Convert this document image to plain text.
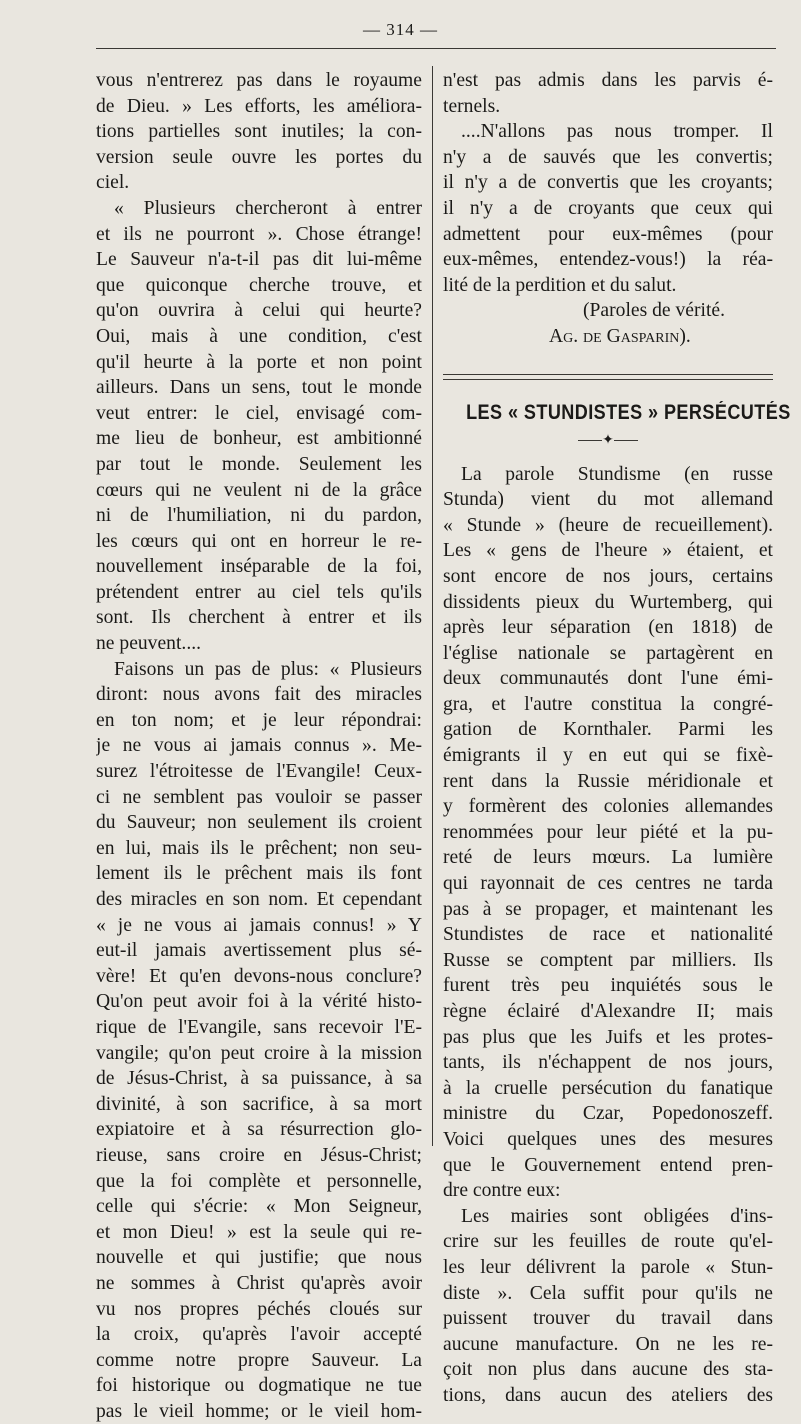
— 314 —
vous n'entrerez pas dans le royaume
de Dieu. » Les efforts, les améliora-
tions partielles sont inutiles; la con-
version seule ouvre les portes du
ciel.
« Plusieurs chercheront à entrer
et ils ne pourront ». Chose étrange!
Le Sauveur n'a-t-il pas dit lui-même
que quiconque cherche trouve, et
qu'on ouvrira à celui qui heurte?
Oui, mais à une condition, c'est
qu'il heurte à la porte et non point
ailleurs. Dans un sens, tout le monde
veut entrer: le ciel, envisagé com-
me lieu de bonheur, est ambitionné
par tout le monde. Seulement les
cœurs qui ne veulent ni de la grâce
ni de l'humiliation, ni du pardon,
les cœurs qui ont en horreur le re-
nouvellement inséparable de la foi,
prétendent entrer au ciel tels qu'ils
sont. Ils cherchent à entrer et ils
ne peuvent....
Faisons un pas de plus: « Plusieurs
diront: nous avons fait des miracles
en ton nom; et je leur répondrai:
je ne vous ai jamais connus ». Me-
surez l'étroitesse de l'Evangile! Ceux-
ci ne semblent pas vouloir se passer
du Sauveur; non seulement ils croient
en lui, mais ils le prêchent; non seu-
lement ils le prêchent mais ils font
des miracles en son nom. Et cependant
« je ne vous ai jamais connus! » Y
eut-il jamais avertissement plus sé-
vère! Et qu'en devons-nous conclure?
Qu'on peut avoir foi à la vérité histo-
rique de l'Evangile, sans recevoir l'E-
vangile; qu'on peut croire à la mission
de Jésus-Christ, à sa puissance, à sa
divinité, à son sacrifice, à sa mort
expiatoire et à sa résurrection glo-
rieuse, sans croire en Jésus-Christ;
que la foi complète et personnelle,
celle qui s'écrie: « Mon Seigneur,
et mon Dieu! » est la seule qui re-
nouvelle et qui justifie; que nous
ne sommes à Christ qu'après avoir
vu nos propres péchés cloués sur
la croix, qu'après l'avoir accepté
comme notre propre Sauveur. La
foi historique ou dogmatique ne tue
pas le vieil homme; or le vieil hom-
n'est pas admis dans les parvis é-
ternels.
....N'allons pas nous tromper. Il
n'y a de sauvés que les convertis;
il n'y a de convertis que les croyants;
il n'y a de croyants que ceux qui
admettent pour eux-mêmes (pour
eux-mêmes, entendez-vous!) la réa-
lité de la perdition et du salut.
(Paroles de vérité.
Ag. de Gasparin).
LES « STUNDISTES » PERSÉCUTÉS
✦
La parole Stundisme (en russe
Stunda) vient du mot allemand
« Stunde » (heure de recueillement).
Les « gens de l'heure » étaient, et
sont encore de nos jours, certains
dissidents pieux du Wurtemberg, qui
après leur séparation (en 1818) de
l'église nationale se partagèrent en
deux communautés dont l'une émi-
gra, et l'autre constitua la congré-
gation de Kornthaler. Parmi les
émigrants il y en eut qui se fixè-
rent dans la Russie méridionale et
y formèrent des colonies allemandes
renommées pour leur piété et la pu-
reté de leurs mœurs. La lumière
qui rayonnait de ces centres ne tarda
pas à se propager, et maintenant les
Stundistes de race et nationalité
Russe se comptent par milliers. Ils
furent très peu inquiétés sous le
règne éclairé d'Alexandre II; mais
pas plus que les Juifs et les protes-
tants, ils n'échappent de nos jours,
à la cruelle persécution du fanatique
ministre du Czar, Popedonoszeff.
Voici quelques unes des mesures
que le Gouvernement entend pren-
dre contre eux:
Les mairies sont obligées d'ins-
crire sur les feuilles de route qu'el-
les leur délivrent la parole « Stun-
diste ». Cela suffit pour qu'ils ne
puissent trouver du travail dans
aucune manufacture. On ne les re-
çoit non plus dans aucune des sta-
tions, dans aucun des ateliers des
